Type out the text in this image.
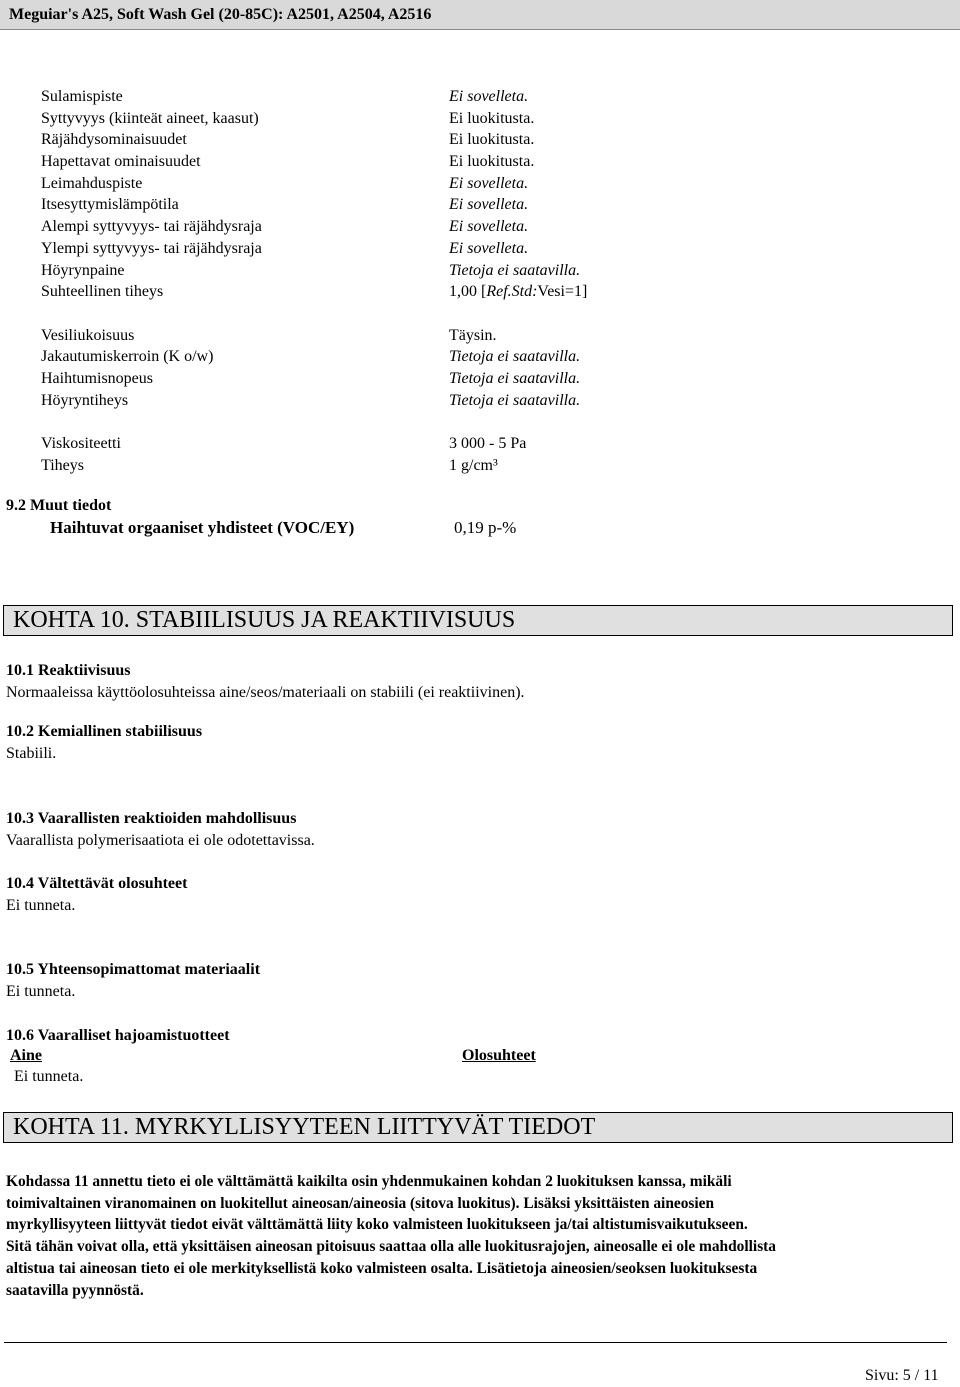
Meguiar's A25, Soft Wash Gel (20-85C): A2501, A2504, A2516
Sulamispiste	Ei sovelleta.
Syttyvyys (kiinteät aineet, kaasut)	Ei luokitusta.
Räjähdysominaisuudet	Ei luokitusta.
Hapettavat ominaisuudet	Ei luokitusta.
Leimahduspiste	Ei sovelleta.
Itsesyttymislämpötila	Ei sovelleta.
Alempi syttyvyys- tai räjähdysraja	Ei sovelleta.
Ylempi syttyvyys- tai räjähdysraja	Ei sovelleta.
Höyrynpaine	Tietoja ei saatavilla.
Suhteellinen tiheys	1,00 [Ref.Std:Vesi=1]
Vesiliukoisuus	Täysin.
Jakautumiskerroin (K o/w)	Tietoja ei saatavilla.
Haihtumisnopeus	Tietoja ei saatavilla.
Höyryntiheys	Tietoja ei saatavilla.
Viskositeetti	3 000 - 5 Pa
Tiheys	1 g/cm³
9.2 Muut tiedot
Haihtuvat orgaaniset yhdisteet (VOC/EY)	0,19 p-%
KOHTA 10. STABIILISUUS JA REAKTIIVISUUS
10.1 Reaktiivisuus
Normaaleissa käyttöolosuhteissa aine/seos/materiaali on stabiili (ei reaktiivinen).
10.2 Kemiallinen stabiilisuus
Stabiili.
10.3 Vaarallisten reaktioiden mahdollisuus
Vaarallista polymerisaatiota ei ole odotettavissa.
10.4 Vältettävät olosuhteet
Ei tunneta.
10.5 Yhteensopimattomat materiaalit
Ei tunneta.
10.6 Vaaralliset hajoamistuotteet
Aine	Olosuhteet
Ei tunneta.
KOHTA 11. MYRKYLLISYYTEEN LIITTYVÄT TIEDOT
Kohdassa 11 annettu tieto ei ole välttämättä kaikilta osin yhdenmukainen kohdan 2 luokituksen kanssa, mikäli
toimivaltainen viranomainen on luokitellut aineosan/aineosia (sitova luokitus). Lisäksi yksittäisten aineosien
myrkyllisyyteen liittyvät tiedot eivät välttämättä liity koko valmisteen luokitukseen ja/tai altistumisvaikutukseen.
Sitä tähän voivat olla, että yksittäisen aineosan pitoisuus saattaa olla alle luokitusrajojen, aineosalle ei ole mahdollista
altistua tai aineosan tieto ei ole merkityksellistä koko valmisteen osalta. Lisätietoja aineosien/seoksen luokituksesta
saatavilla pyynnöstä.
Sivu: 5 / 11
